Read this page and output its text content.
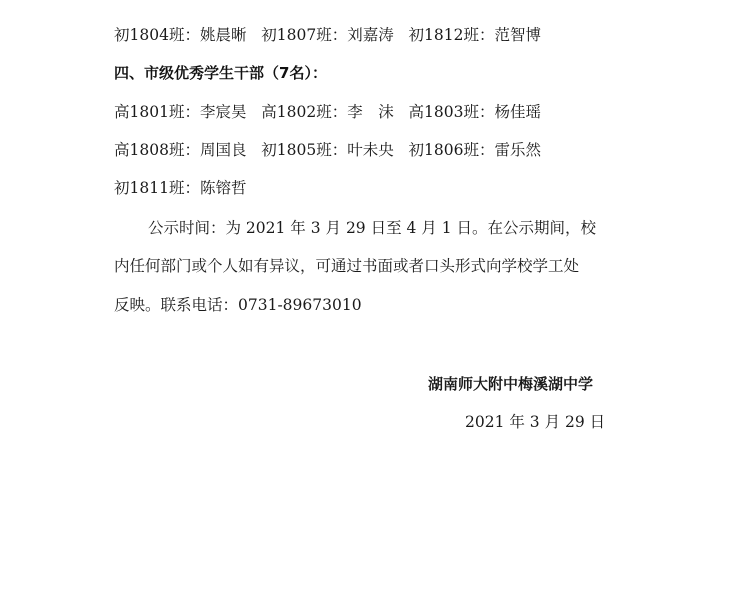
初1804班：姚晨晰 初1807班：刘嘉涛 初1812班：范智博
四、市级优秀学生干部（7名）：
高1801班：李宸昊 高1802班：李　沫 高1803班：杨佳瑶
高1808班：周国良 初1805班：叶未央 初1806班：雷乐然
初1811班：陈镕哲
公示时间：为 2021 年 3 月 29 日至 4 月 1 日。在公示期间，校
内任何部门或个人如有异议，可通过书面或者口头形式向学校学工处
反映。联系电话：0731-89673010
湖南师大附中梅溪湖中学
2021 年 3 月 29 日
